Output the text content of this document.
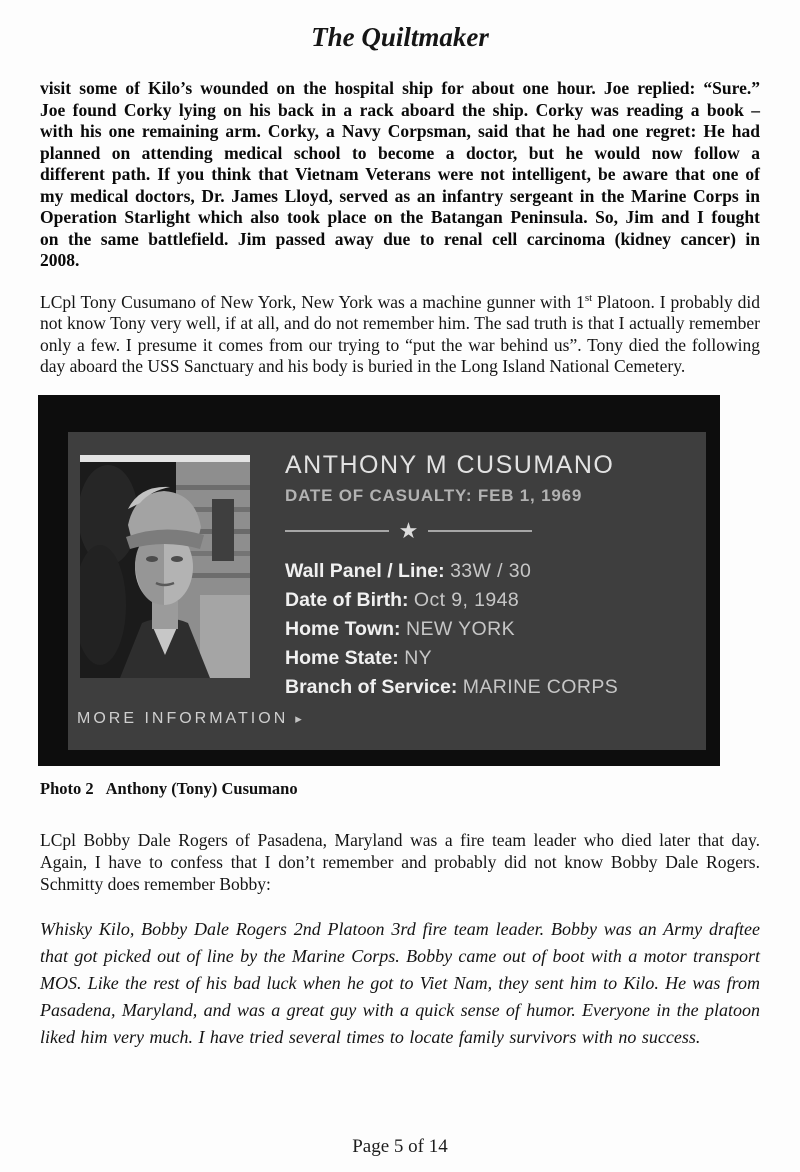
The Quiltmaker

visit some of Kilo’s wounded on the hospital ship for about one hour. Joe replied: “Sure.” Joe found Corky lying on his back in a rack aboard the ship. Corky was reading a book – with his one remaining arm. Corky, a Navy Corpsman, said that he had one regret: He had planned on attending medical school to become a doctor, but he would now follow a different path. If you think that Vietnam Veterans were not intelligent, be aware that one of my medical doctors, Dr. James Lloyd, served as an infantry sergeant in the Marine Corps in Operation Starlight which also took place on the Batangan Peninsula. So, Jim and I fought on the same battlefield. Jim passed away due to renal cell carcinoma (kidney cancer) in 2008.

LCpl Tony Cusumano of New York, New York was a machine gunner with 1st Platoon. I probably did not know Tony very well, if at all, and do not remember him. The sad truth is that I actually remember only a few. I presume it comes from our trying to “put the war behind us”. Tony died the following day aboard the USS Sanctuary and his body is buried in the Long Island National Cemetery.

ANTHONY M CUSUMANO
DATE OF CASUALTY: FEB 1, 1969
★
Wall Panel / Line: 33W / 30
Date of Birth: Oct 9, 1948
Home Town: NEW YORK
Home State: NY
Branch of Service: MARINE CORPS
MORE INFORMATION ▸
Photo 2 Anthony (Tony) Cusumano

LCpl Bobby Dale Rogers of Pasadena, Maryland was a fire team leader who died later that day. Again, I have to confess that I don’t remember and probably did not know Bobby Dale Rogers. Schmitty does remember Bobby:

Whisky Kilo, Bobby Dale Rogers 2nd Platoon 3rd fire team leader. Bobby was an Army draftee that got picked out of line by the Marine Corps. Bobby came out of boot with a motor transport MOS. Like the rest of his bad luck when he got to Viet Nam, they sent him to Kilo. He was from Pasadena, Maryland, and was a great guy with a quick sense of humor. Everyone in the platoon liked him very much. I have tried several times to locate family survivors with no success.

Page 5 of 14
